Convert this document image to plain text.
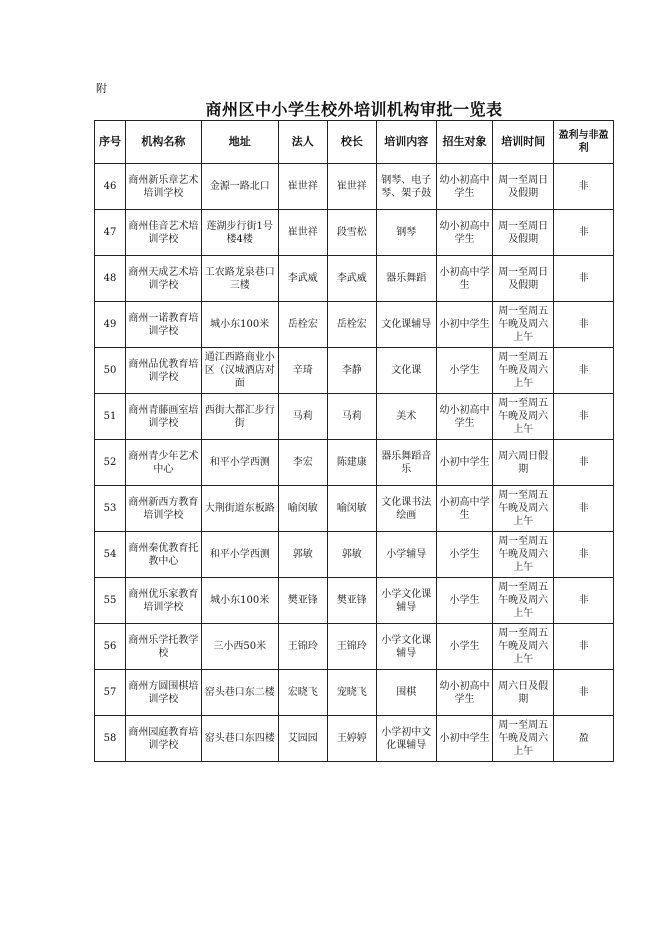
附
商州区中小学生校外培训机构审批一览表
序号	机构名称	地址	法人	校长	培训内容	招生对象	培训时间	盈利与非盈利
46	商州新乐章艺术培训学校	金源一路北口	崔世祥	崔世祥	钢琴、电子琴、架子鼓	幼小初高中学生	周一至周日及假期	非
47	商州佳音艺术培训学校	莲湖步行街1号楼4楼	崔世祥	段雪松	钢琴	幼小初高中学生	周一至周日及假期	非
48	商州天成艺术培训学校	工农路龙泉巷口三楼	李武威	李武威	器乐舞蹈	小初高中学生	周一至周日及假期	非
49	商州一诺教育培训学校	城小东100米	岳栓宏	岳栓宏	文化课辅导	小初中学生	周一至周五午晚及周六上午	非
50	商州品优教育培训学校	通江西路商业小区（汉城酒店对面	辛琦	李静	文化课	小学生	周一至周五午晚及周六上午	非
51	商州青藤画室培训学校	西街大都汇步行街	马莉	马莉	美术	幼小初高中学生	周一至周五午晚及周六上午	非
52	商州青少年艺术中心	和平小学西测	李宏	陈建康	器乐舞蹈音乐	小初中学生	周六周日假期	非
53	商州新西方教育培训学校	大荆街道东板路	喻闵敏	喻闵敏	文化课书法绘画	小初高中学生	周一至周五午晚及周六上午	非
54	商州秦优教育托教中心	和平小学西测	郭敏	郭敏	小学辅导	小学生	周一至周五午晚及周六上午	非
55	商州优乐家教育培训学校	城小东100米	樊亚锋	樊亚锋	小学文化课辅导	小学生	周一至周五午晚及周六上午	非
56	商州乐学托教学校	三小西50米	王锦玲	王锦玲	小学文化课辅导	小学生	周一至周五午晚及周六上午	非
57	商州方圆围棋培训学校	窑头巷口东二楼	宏晓飞	宠晓飞	围棋	幼小初高中学生	周六日及假期	非
58	商州园庭教育培训学校	窑头巷口东四楼	艾园园	王婷婷	小学初中文化课辅导	小初中学生	周一至周五午晚及周六上午	盈
